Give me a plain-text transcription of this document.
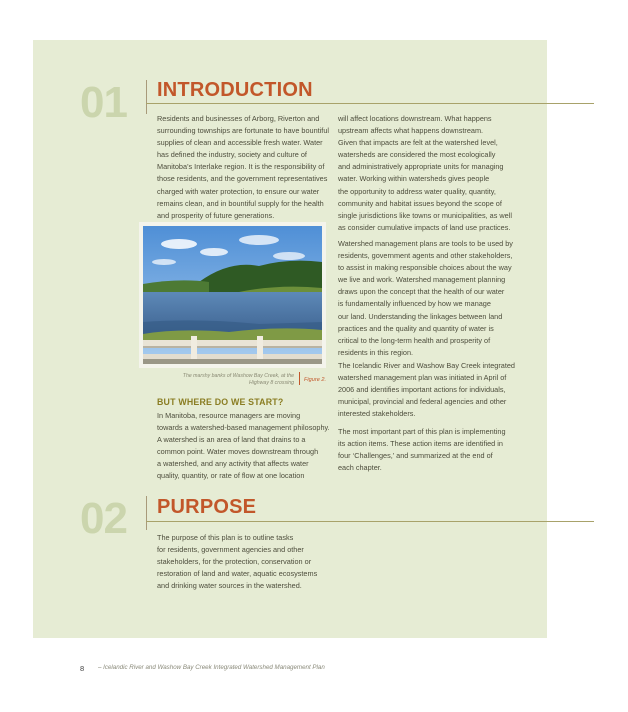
01 INTRODUCTION
Residents and businesses of Arborg, Riverton and
surrounding townships are fortunate to have bountiful
supplies of clean and accessible fresh water. Water
has defined the industry, society and culture of
Manitoba’s Interlake region. It is the responsibility of
those residents, and the government representatives
charged with water protection, to ensure our water
remains clean, and in bountiful supply for the health
and prosperity of future generations.
The marshy banks of Washow Bay Creek, at the
Highway 8 crossing Figure 2.
BUT WHERE DO WE START?
In Manitoba, resource managers are moving
towards a watershed-based management philosophy.
A watershed is an area of land that drains to a
common point. Water moves downstream through
a watershed, and any activity that affects water
quality, quantity, or rate of flow at one location
will affect locations downstream. What happens
upstream affects what happens downstream.
Given that impacts are felt at the watershed level,
watersheds are considered the most ecologically
and administratively appropriate units for managing
water. Working within watersheds gives people
the opportunity to address water quality, quantity,
community and habitat issues beyond the scope of
single jurisdictions like towns or municipalities, as well
as consider cumulative impacts of land use practices.
Watershed management plans are tools to be used by
residents, government agents and other stakeholders,
to assist in making responsible choices about the way
we live and work. Watershed management planning
draws upon the concept that the health of our water
is fundamentally influenced by how we manage
our land. Understanding the linkages between land
practices and the quality and quantity of water is
critical to the long-term health and prosperity of
residents in this region.
The Icelandic River and Washow Bay Creek integrated
watershed management plan was initiated in April of
2006 and identifies important actions for individuals,
municipal, provincial and federal agencies and other
interested stakeholders.
The most important part of this plan is implementing
its action items. These action items are identified in
four ‘Challenges,’ and summarized at the end of
each chapter.
02 PURPOSE
The purpose of this plan is to outline tasks
for residents, government agencies and other
stakeholders, for the protection, conservation or
restoration of land and water, aquatic ecosystems
and drinking water sources in the watershed.
8 – Icelandic River and Washow Bay Creek Integrated Watershed Management Plan
